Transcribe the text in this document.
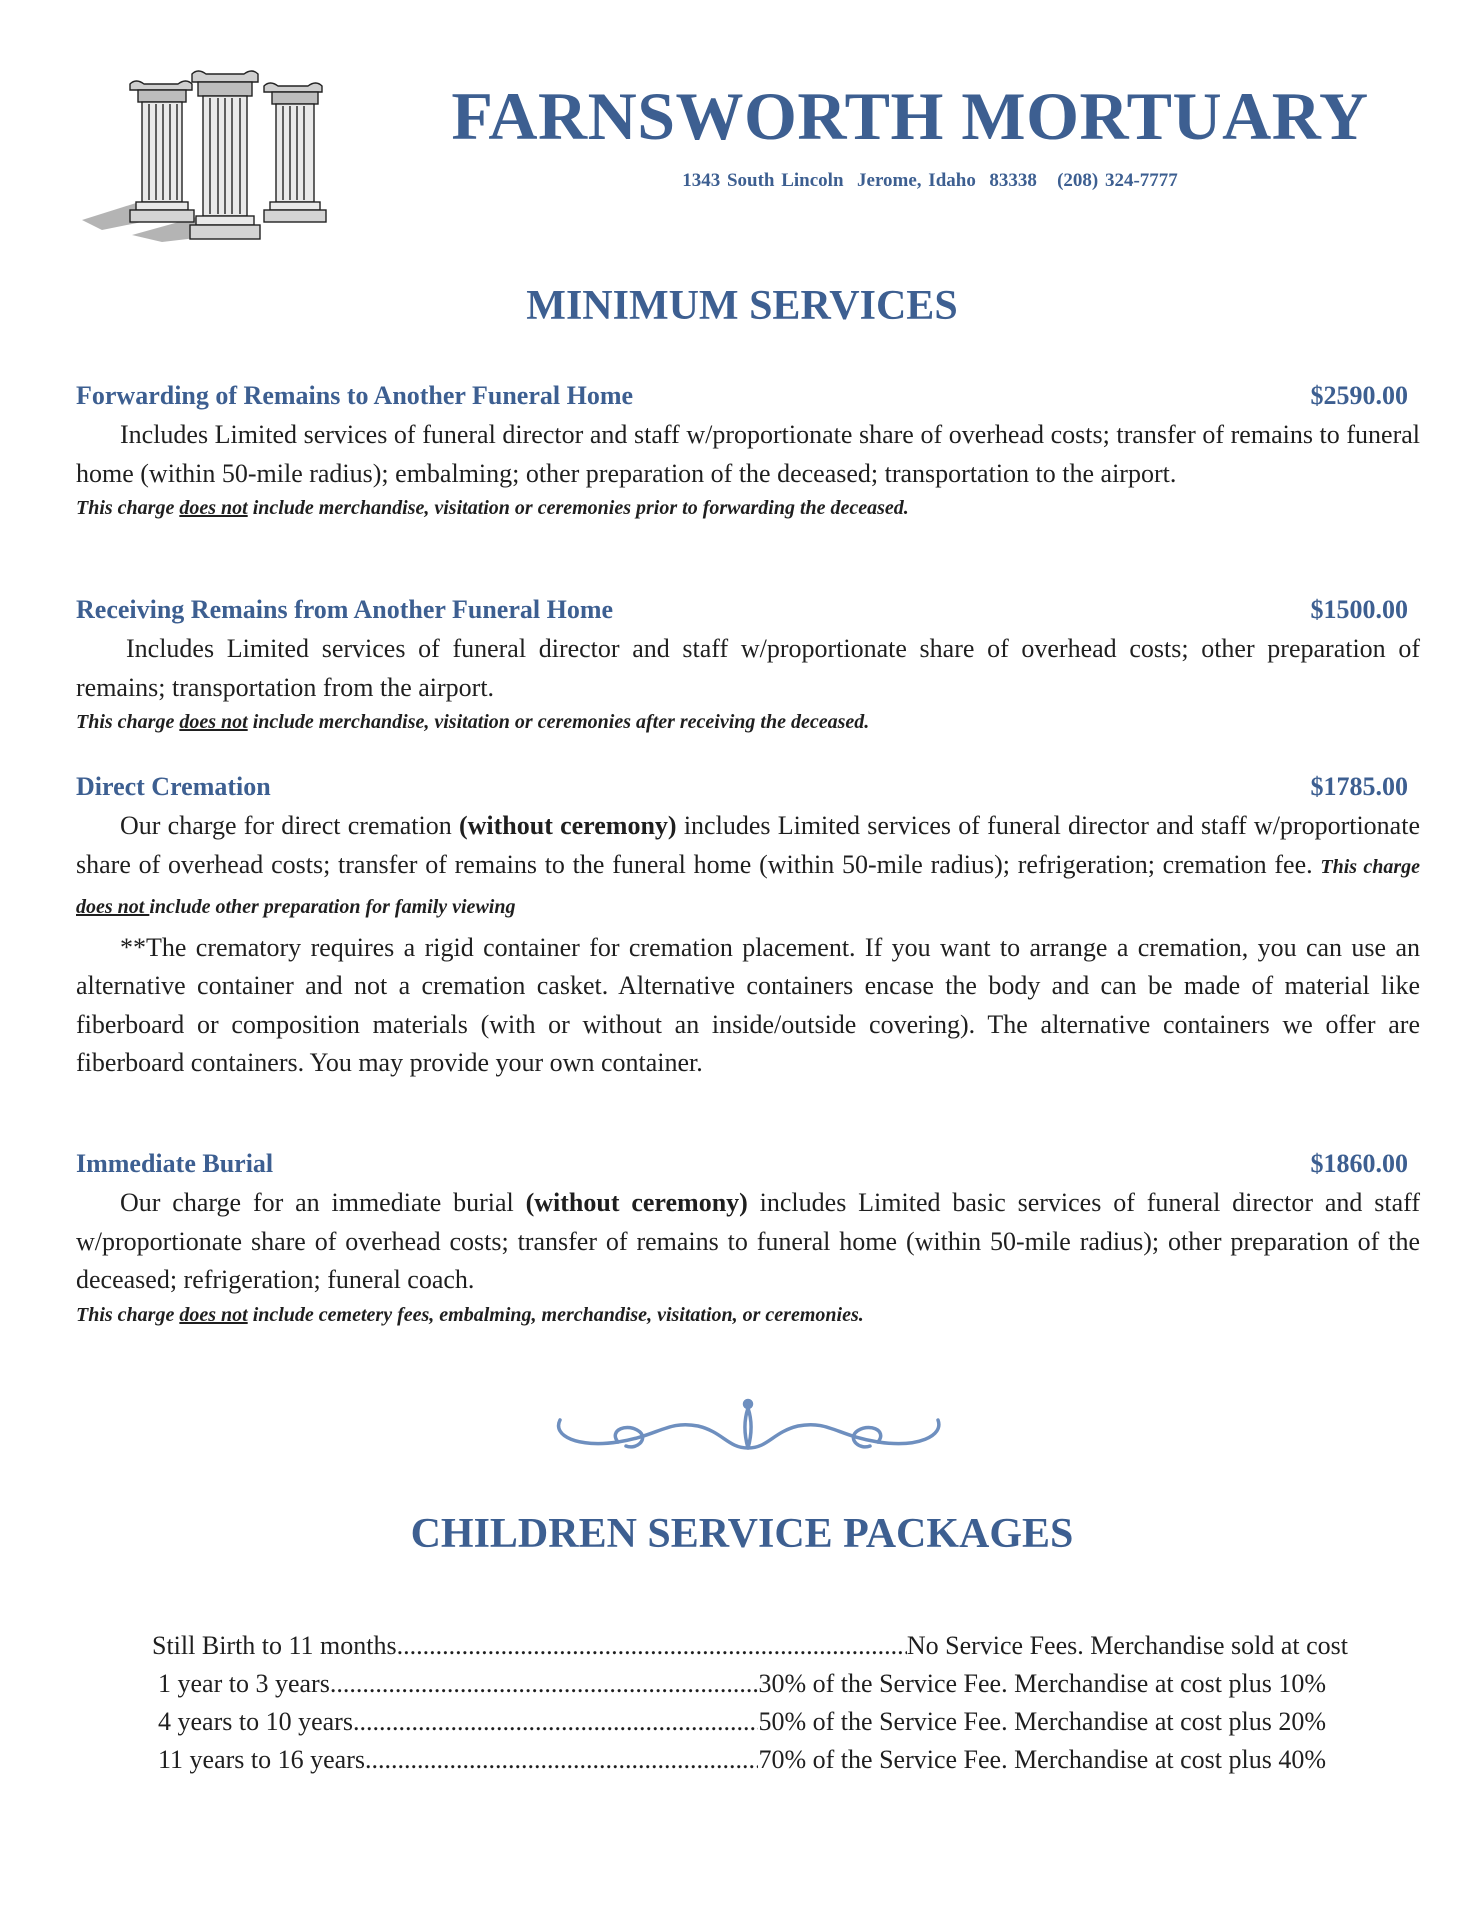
FARNSWORTH MORTUARY
1343 South Lincoln  Jerome, Idaho  83338   (208) 324-7777
MINIMUM SERVICES
Forwarding of Remains to Another Funeral Home	$2590.00

Includes Limited services of funeral director and staff w/proportionate share of overhead costs; transfer of remains to funeral home (within 50-mile radius); embalming; other preparation of the deceased; transportation to the airport.

This charge does not include merchandise, visitation or ceremonies prior to forwarding the deceased.

Receiving Remains from Another Funeral Home	$1500.00

Includes Limited services of funeral director and staff w/proportionate share of overhead costs; other preparation of remains; transportation from the airport.

This charge does not include merchandise, visitation or ceremonies after receiving the deceased.

Direct Cremation	$1785.00

Our charge for direct cremation (without ceremony) includes Limited services of funeral director and staff w/proportionate share of overhead costs; transfer of remains to the funeral home (within 50-mile radius); refrigeration; cremation fee. This charge does not include other preparation for family viewing

**The crematory requires a rigid container for cremation placement. If you want to arrange a cremation, you can use an alternative container and not a cremation casket. Alternative containers encase the body and can be made of material like fiberboard or composition materials (with or without an inside/outside covering). The alternative containers we offer are fiberboard containers. You may provide your own container.

Immediate Burial	$1860.00

Our charge for an immediate burial (without ceremony) includes Limited basic services of funeral director and staff w/proportionate share of overhead costs; transfer of remains to funeral home (within 50-mile radius); other preparation of the deceased; refrigeration; funeral coach.

This charge does not include cemetery fees, embalming, merchandise, visitation, or ceremonies.

CHILDREN SERVICE PACKAGES
Still Birth to 11 months .....	No Service Fees. Merchandise sold at cost
1 year to 3 years .....	30% of the Service Fee. Merchandise at cost plus 10%
4 years to 10 years .....	50% of the Service Fee. Merchandise at cost plus 20%
11 years to 16 years .....	70% of the Service Fee. Merchandise at cost plus 40%
